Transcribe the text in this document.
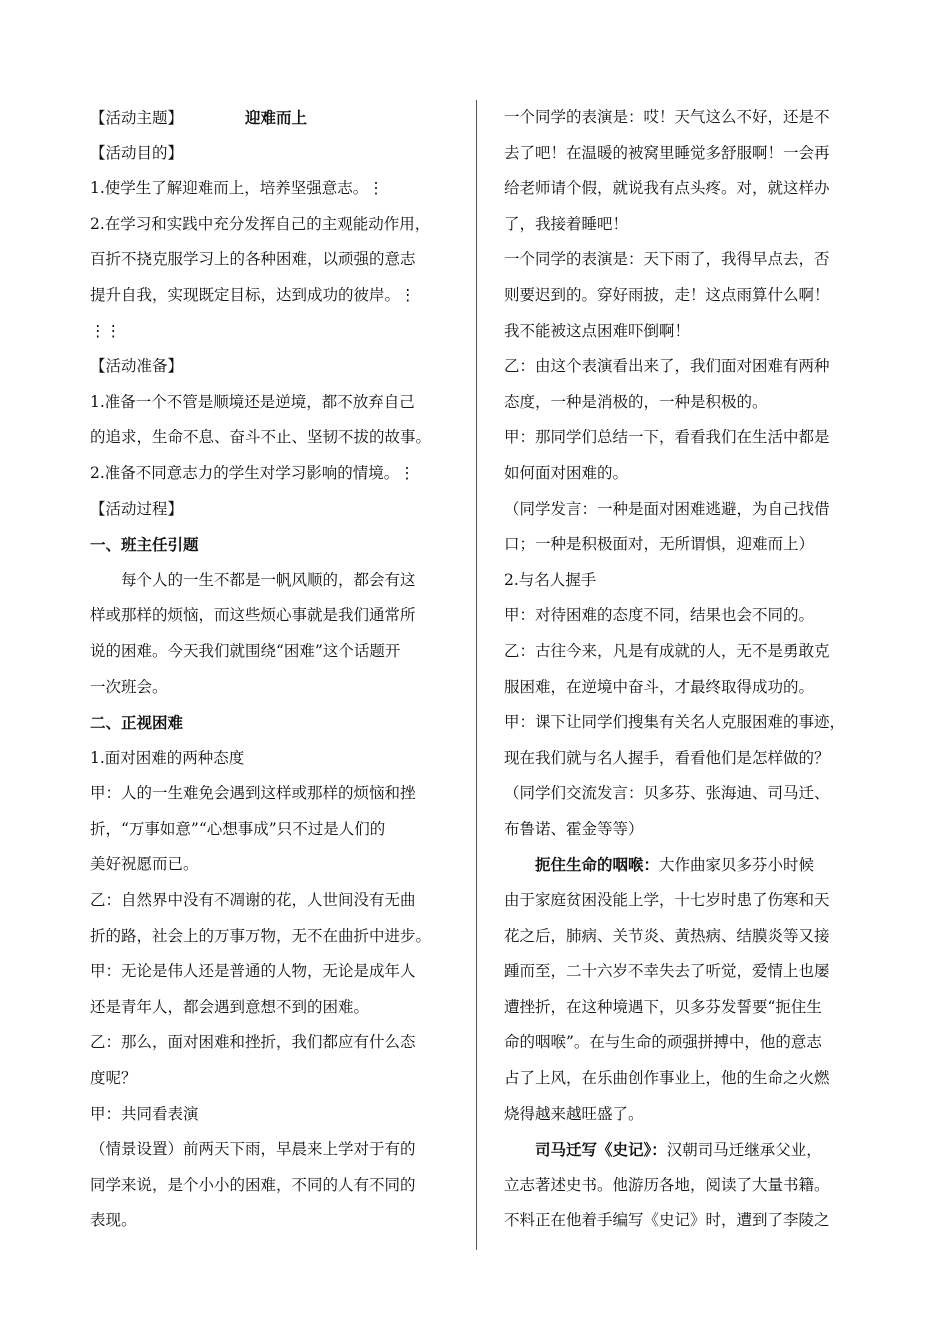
【活动主题】	迎难而上
【活动目的】
1.使学生了解迎难而上，培养坚强意志。⋮
2.在学习和实践中充分发挥自己的主观能动作用，
百折不挠克服学习上的各种困难，以顽强的意志
提升自我，实现既定目标，达到成功的彼岸。⋮
⋮⋮
【活动准备】
1.准备一个不管是顺境还是逆境，都不放弃自己
的追求，生命不息、奋斗不止、坚韧不拔的故事。
2.准备不同意志力的学生对学习影响的情境。⋮
【活动过程】
一、班主任引题
每个人的一生不都是一帆风顺的，都会有这
样或那样的烦恼，而这些烦心事就是我们通常所
说的困难。今天我们就围绕“困难”这个话题开
一次班会。
二、正视困难
1.面对困难的两种态度
甲：人的一生难免会遇到这样或那样的烦恼和挫
折，“万事如意”“心想事成”只不过是人们的
美好祝愿而已。
乙：自然界中没有不凋谢的花，人世间没有无曲
折的路，社会上的万事万物，无不在曲折中进步。
甲：无论是伟人还是普通的人物，无论是成年人
还是青年人，都会遇到意想不到的困难。
乙：那么，面对困难和挫折，我们都应有什么态
度呢？
甲：共同看表演
（情景设置）前两天下雨，早晨来上学对于有的
同学来说，是个小小的困难，不同的人有不同的
表现。
一个同学的表演是：哎！天气这么不好，还是不
去了吧！在温暖的被窝里睡觉多舒服啊！一会再
给老师请个假，就说我有点头疼。对，就这样办
了，我接着睡吧！
一个同学的表演是：天下雨了，我得早点去，否
则要迟到的。穿好雨披，走！这点雨算什么啊！
我不能被这点困难吓倒啊！
乙：由这个表演看出来了，我们面对困难有两种
态度，一种是消极的，一种是积极的。
甲：那同学们总结一下，看看我们在生活中都是
如何面对困难的。
（同学发言：一种是面对困难逃避，为自己找借
口；一种是积极面对，无所谓惧，迎难而上）
2.与名人握手
甲：对待困难的态度不同，结果也会不同的。
乙：古往今来，凡是有成就的人，无不是勇敢克
服困难，在逆境中奋斗，才最终取得成功的。
甲：课下让同学们搜集有关名人克服困难的事迹，
现在我们就与名人握手，看看他们是怎样做的？
（同学们交流发言：贝多芬、张海迪、司马迁、
布鲁诺、霍金等等）
扼住生命的咽喉：大作曲家贝多芬小时候
由于家庭贫困没能上学，十七岁时患了伤寒和天
花之后，肺病、关节炎、黄热病、结膜炎等又接
踵而至，二十六岁不幸失去了听觉，爱情上也屡
遭挫折，在这种境遇下，贝多芬发誓要“扼住生
命的咽喉”。在与生命的顽强拼搏中，他的意志
占了上风，在乐曲创作事业上，他的生命之火燃
烧得越来越旺盛了。
司马迁写《史记》：汉朝司马迁继承父业，
立志著述史书。他游历各地，阅读了大量书籍。
不料正在他着手编写《史记》时，遭到了李陵之
